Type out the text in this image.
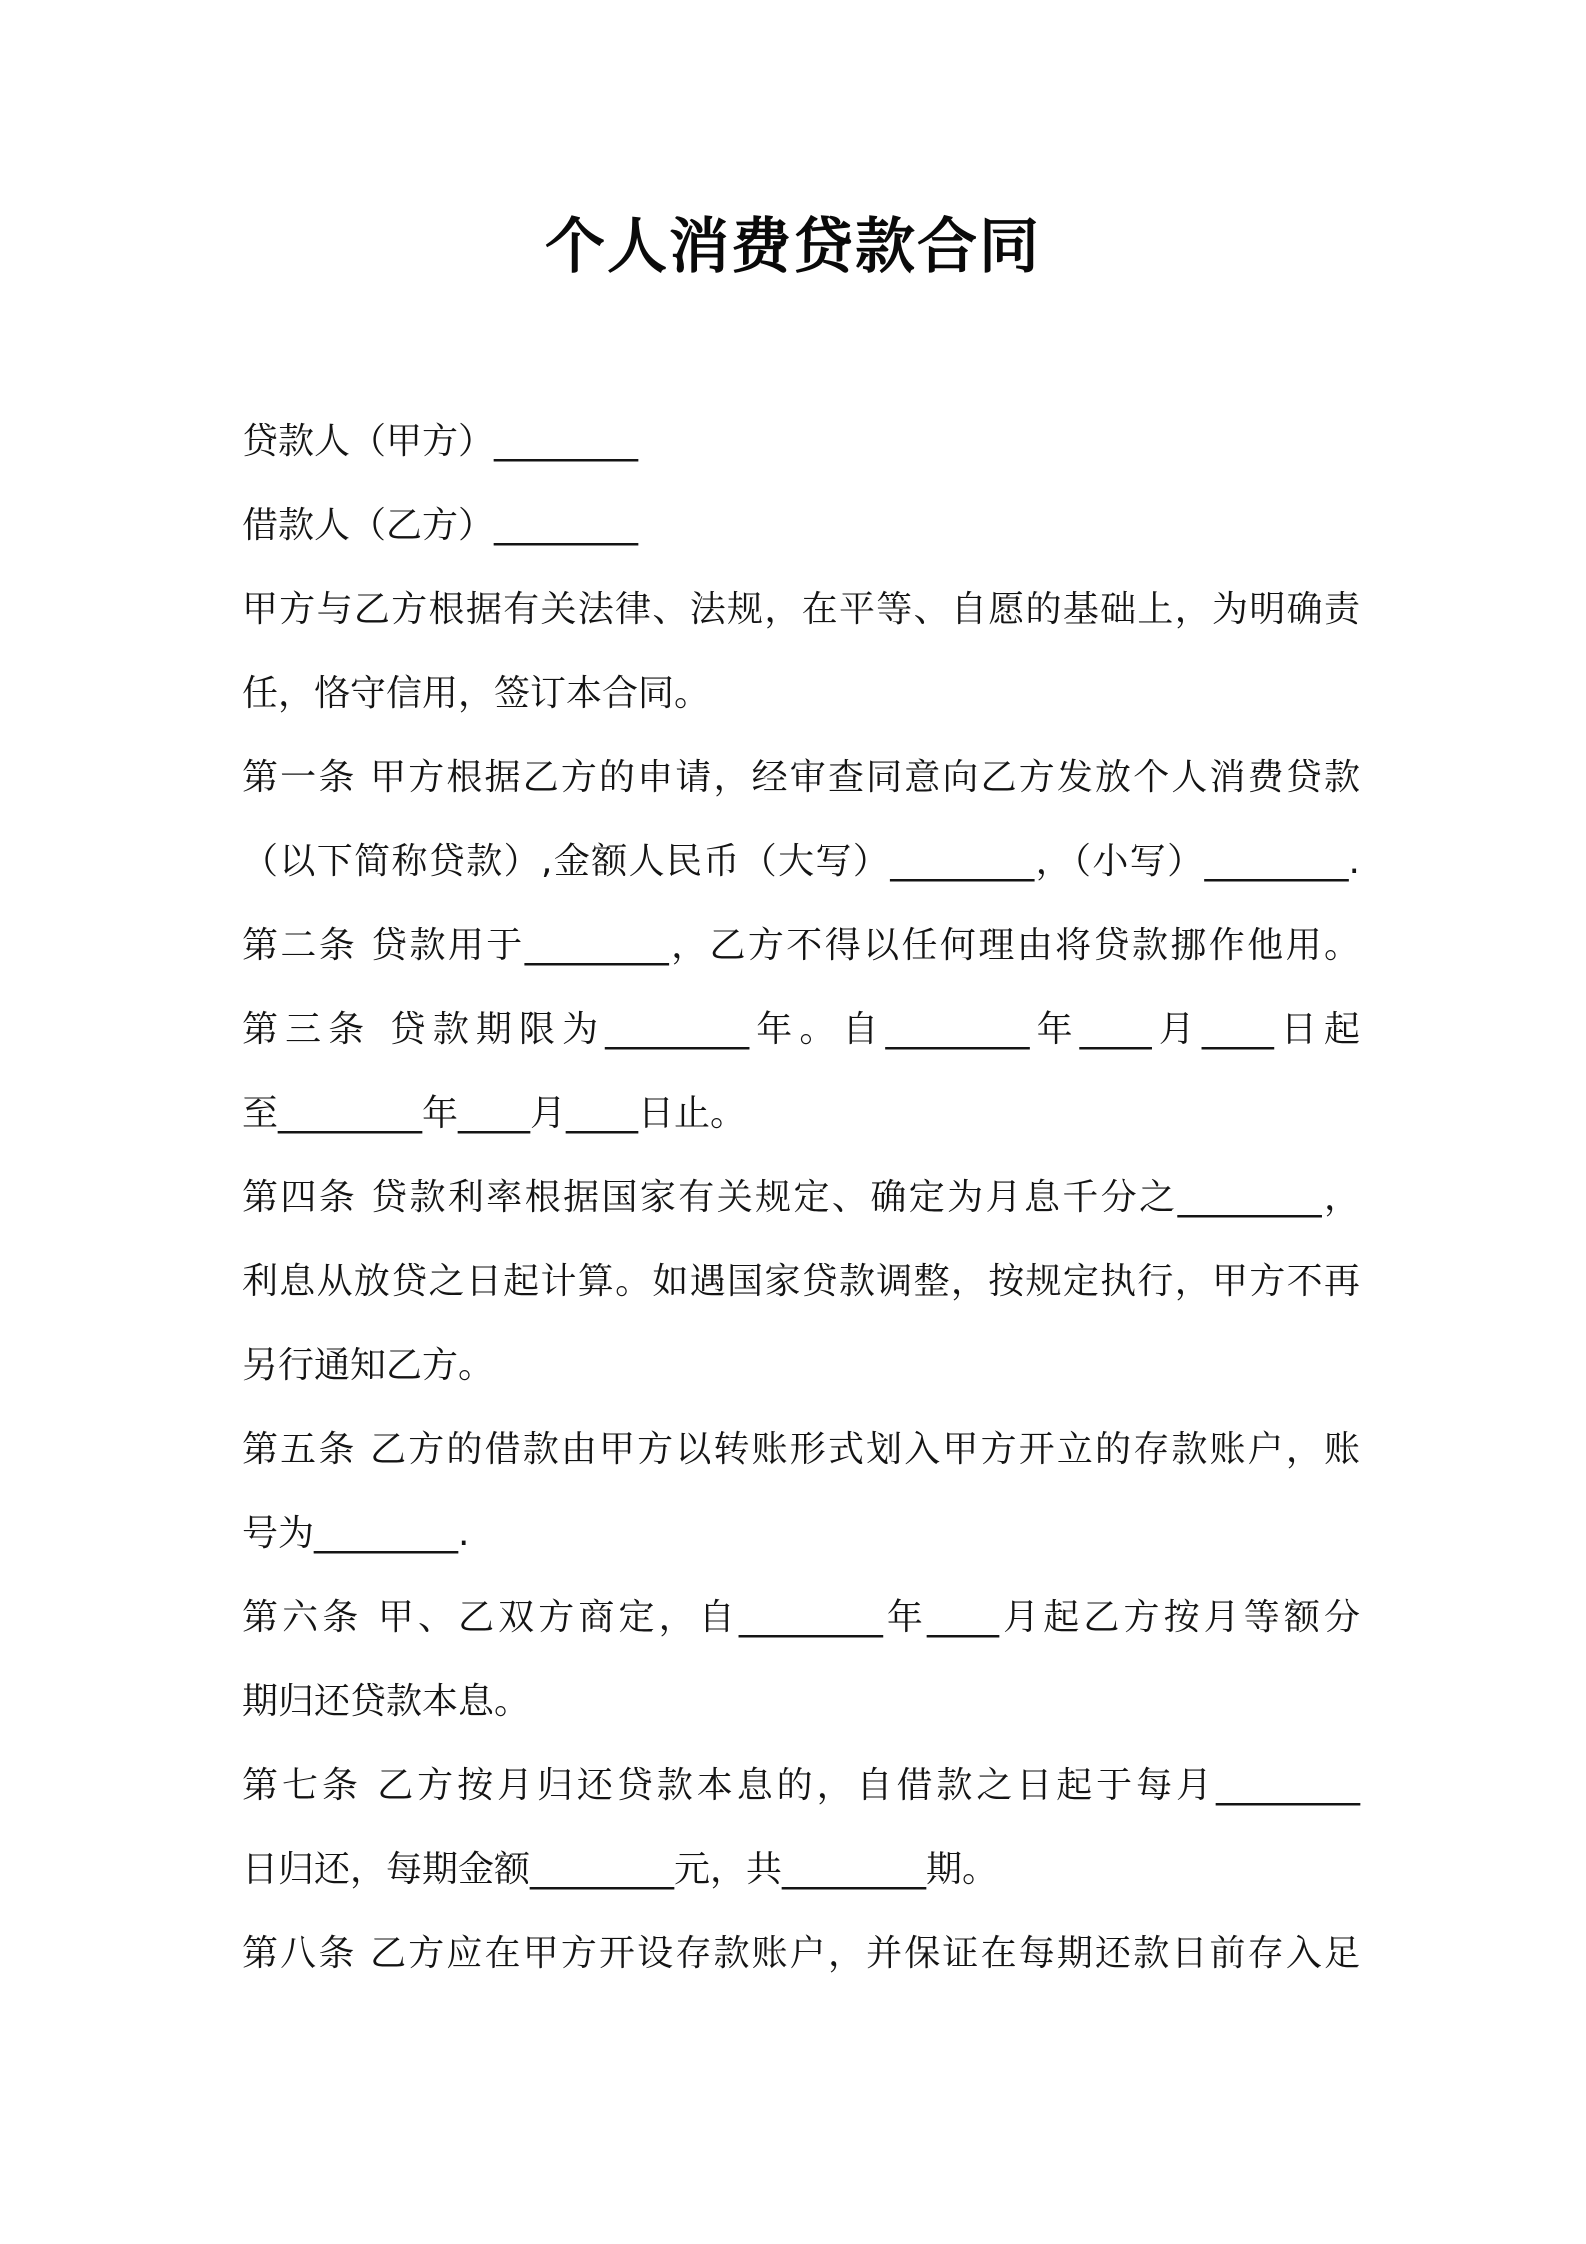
个人消费贷款合同
贷款人（甲方）________
借款人（乙方）________
甲方与乙方根据有关法律、法规，在平等、自愿的基础上，为明确责
任，恪守信用，签订本合同。
第一条 甲方根据乙方的申请，经审查同意向乙方发放个人消费贷款
（以下简称贷款）,金额人民币（大写）________，（小写）________.
第二条 贷款用于________，乙方不得以任何理由将贷款挪作他用。
第三条 贷款期限为________年。自________年____月____日起
至________年____月____日止。
第四条 贷款利率根据国家有关规定、确定为月息千分之________，
利息从放贷之日起计算。如遇国家贷款调整，按规定执行，甲方不再
另行通知乙方。
第五条 乙方的借款由甲方以转账形式划入甲方开立的存款账户，账
号为________.
第六条 甲、乙双方商定，自________年____月起乙方按月等额分
期归还贷款本息。
第七条 乙方按月归还贷款本息的，自借款之日起于每月________
日归还，每期金额________元，共________期。
第八条 乙方应在甲方开设存款账户，并保证在每期还款日前存入足
